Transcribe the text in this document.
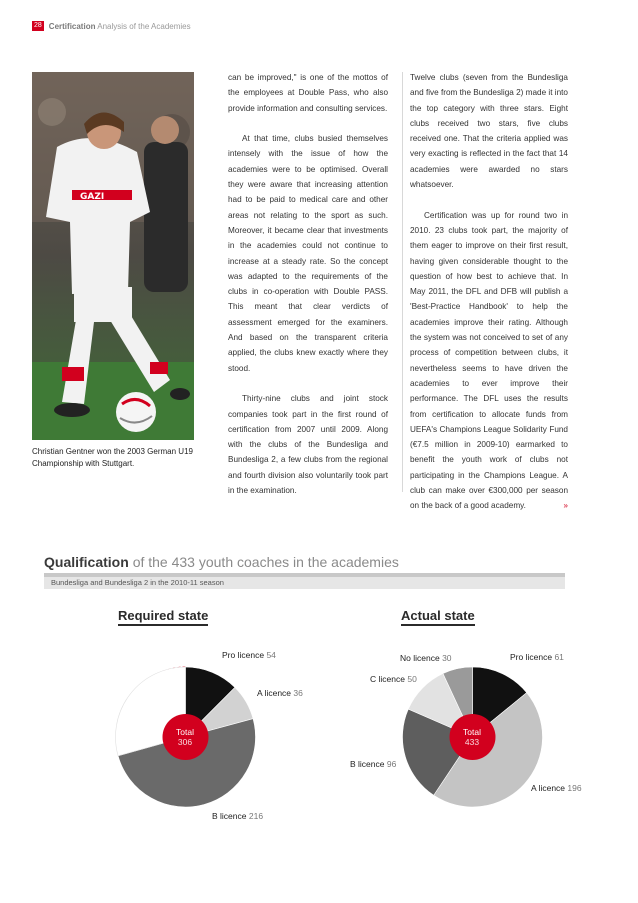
28 Certification Analysis of the Academies
GAZI
Christian Gentner won the 2003 German U19 Championship with Stuttgart.

can be improved," is one of the mottos of the employees at Double Pass, who also provide information and consulting services.

At that time, clubs busied themselves intensely with the issue of how the academies were to be optimised. Overall they were aware that increasing attention had to be paid to medical care and other areas not relating to the sport as such. Moreover, it became clear that investments in the academies could not continue to increase at a steady rate. So the concept was adapted to the requirements of the clubs in co-operation with Double PASS. This meant that clear verdicts of assessment emerged for the examiners. And based on the transparent criteria applied, the clubs knew exactly where they stood.

Thirty-nine clubs and joint stock companies took part in the first round of certification from 2007 until 2009. Along with the clubs of the Bundesliga and Bundesliga 2, a few clubs from the regional and fourth division also voluntarily took part in the examination.

Twelve clubs (seven from the Bundesliga and five from the Bundesliga 2) made it into the top category with three stars. Eight clubs received two stars, five clubs received one. That the criteria applied was very exacting is reflected in the fact that 14 academies were awarded no stars whatsoever.

Certification was up for round two in 2010. 23 clubs took part, the majority of them eager to improve on their first result, having given considerable thought to the question of how best to achieve that. In May 2011, the DFL and DFB will publish a 'Best-Practice Handbook' to help the academies improve their rating. Although the system was not conceived to set of any process of competition between clubs, it nevertheless seems to have driven the academies to ever improve their performance. The DFL uses the results from certification to allocate funds from UEFA's Champions League Solidarity Fund (€7.5 million in 2009-10) earmarked to benefit the youth work of clubs not participating in the Champions League. A club can make over €300,000 per season on the back of a good academy.	»

Qualification of the 433 youth coaches in the academies
Bundesliga and Bundesliga 2 in the 2010-11 season
Required state	Actual state
Total
306
Total
433
Pro licence 54
A licence 36
B licence 216
Pro licence 61
A licence 196
B licence 96
C licence 50
No licence 30
